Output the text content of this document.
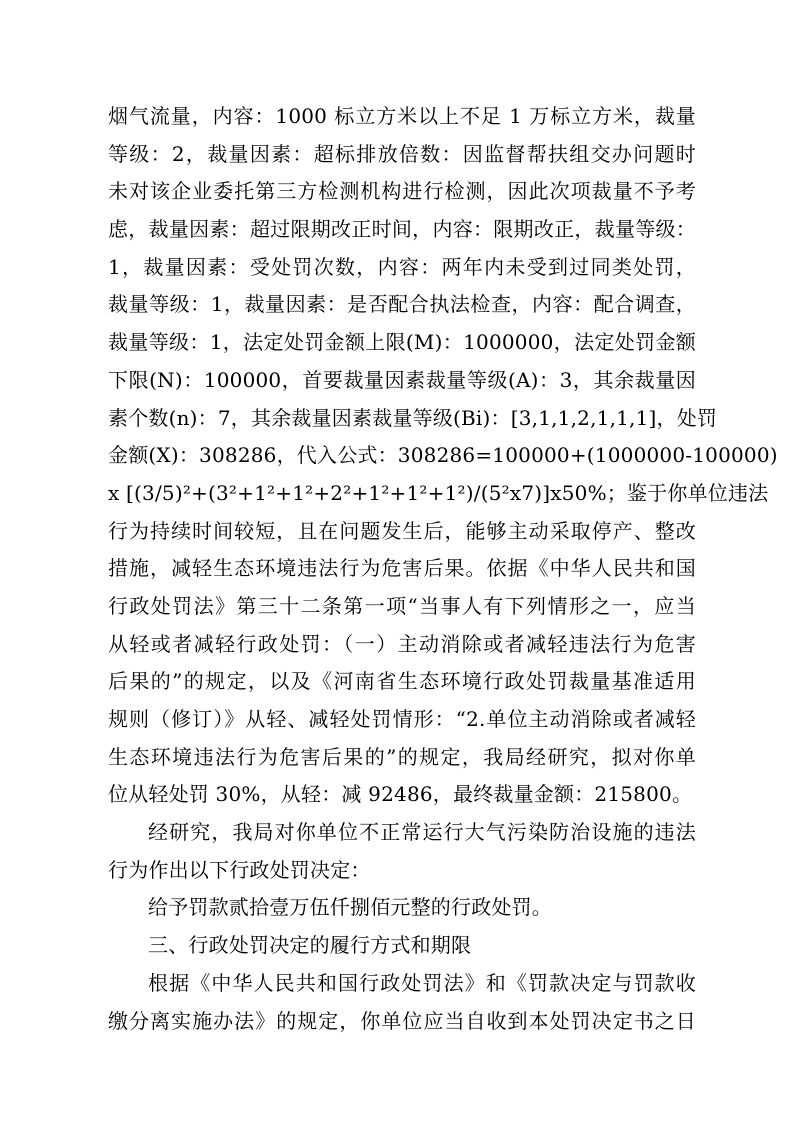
烟气流量，内容：1000 标立方米以上不足 1 万标立方米，裁量
等级：2，裁量因素：超标排放倍数：因监督帮扶组交办问题时
未对该企业委托第三方检测机构进行检测，因此次项裁量不予考
虑，裁量因素：超过限期改正时间，内容：限期改正，裁量等级：
1，裁量因素：受处罚次数，内容：两年内未受到过同类处罚，
裁量等级：1，裁量因素：是否配合执法检查，内容：配合调查，
裁量等级：1，法定处罚金额上限(M)：1000000，法定处罚金额
下限(N)：100000，首要裁量因素裁量等级(A)：3，其余裁量因
素个数(n)：7，其余裁量因素裁量等级(Bi)：[3,1,1,2,1,1,1]，处罚
金额(X)：308286，代入公式：308286=100000+(1000000-100000)
x [(3/5)²+(3²+1²+1²+2²+1²+1²+1²)/(5²x7)]x50%；鉴于你单位违法
行为持续时间较短，且在问题发生后，能够主动采取停产、整改
措施，减轻生态环境违法行为危害后果。依据《中华人民共和国
行政处罚法》第三十二条第一项“当事人有下列情形之一，应当
从轻或者减轻行政处罚：（一）主动消除或者减轻违法行为危害
后果的”的规定，以及《河南省生态环境行政处罚裁量基准适用
规则（修订）》从轻、减轻处罚情形：“2.单位主动消除或者减轻
生态环境违法行为危害后果的”的规定，我局经研究，拟对你单
位从轻处罚 30%，从轻：减 92486，最终裁量金额：215800。
经研究，我局对你单位不正常运行大气污染防治设施的违法
行为作出以下行政处罚决定：
给予罚款贰拾壹万伍仟捌佰元整的行政处罚。
三、行政处罚决定的履行方式和期限
根据《中华人民共和国行政处罚法》和《罚款决定与罚款收
缴分离实施办法》的规定，你单位应当自收到本处罚决定书之日
